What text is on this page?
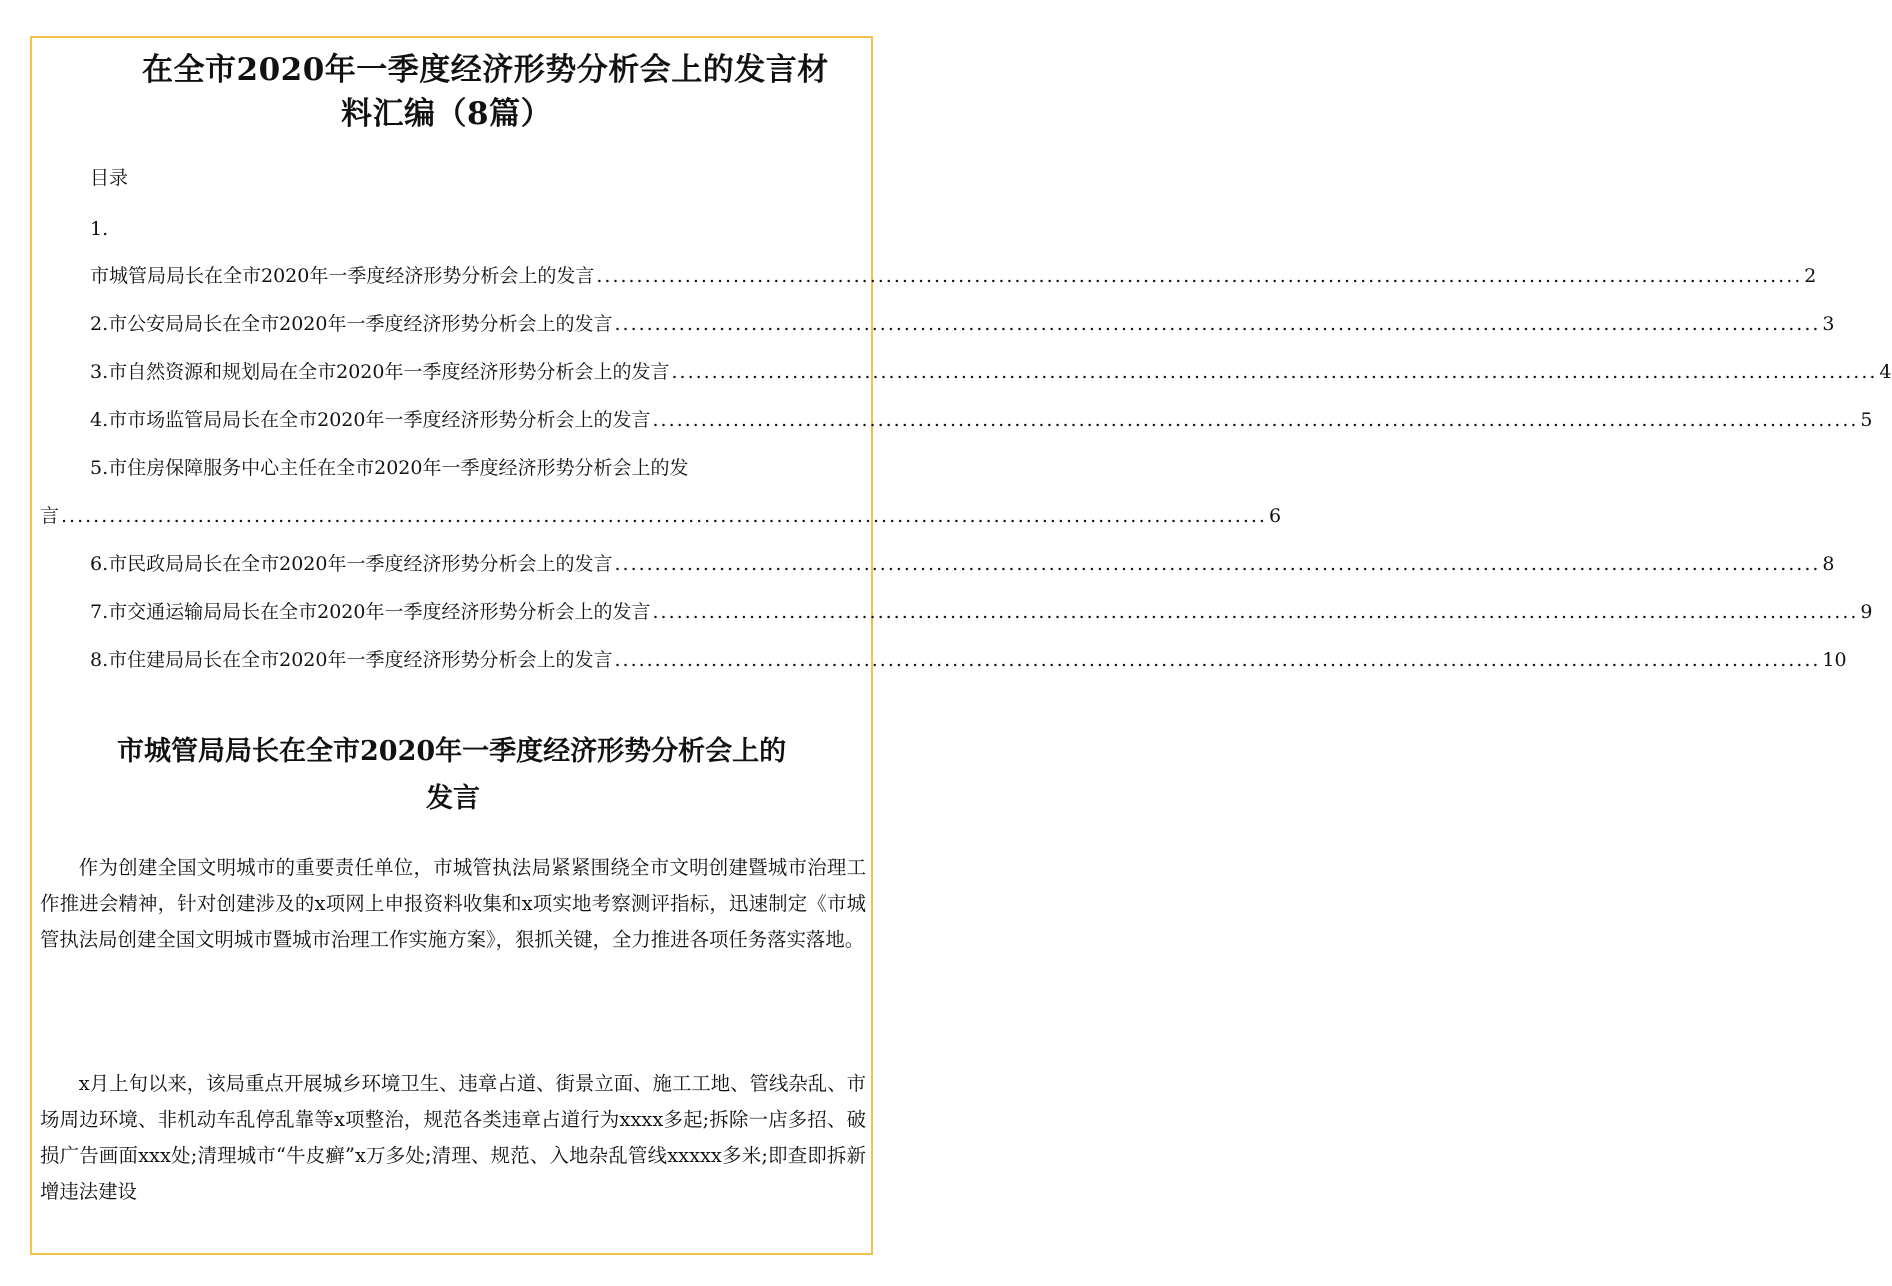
在全市2020年一季度经济形势分析会上的发言材
料汇编（8篇）
目录
1.
市城管局局长在全市2020年一季度经济形势分析会上的发言 .....	2
2.市公安局局长在全市2020年一季度经济形势分析会上的发言 .....	3
3.市自然资源和规划局在全市2020年一季度经济形势分析会上的发言 .....	4
4.市市场监管局局长在全市2020年一季度经济形势分析会上的发言 .....	5
5.市住房保障服务中心主任在全市2020年一季度经济形势分析会上的发
言 .....	6
6.市民政局局长在全市2020年一季度经济形势分析会上的发言 .....	8
7.市交通运输局局长在全市2020年一季度经济形势分析会上的发言 .....	9
8.市住建局局长在全市2020年一季度经济形势分析会上的发言 .....	10
市城管局局长在全市2020年一季度经济形势分析会上的
发言

作为创建全国文明城市的重要责任单位，市城管执法局紧紧围绕全市文明创建暨城市治理工作推进会精神，针对创建涉及的x项网上申报资料收集和x项实地考察测评指标，迅速制定《市城管执法局创建全国文明城市暨城市治理工作实施方案》，狠抓关键，全力推进各项任务落实落地。

x月上旬以来，该局重点开展城乡环境卫生、违章占道、街景立面、施工工地、管线杂乱、市场周边环境、非机动车乱停乱靠等x项整治，规范各类违章占道行为xxxx多起;拆除一店多招、破损广告画面xxx处;清理城市“牛皮癣”x万多处;清理、规范、入地杂乱管线xxxxx多米;即查即拆新增违法建设
